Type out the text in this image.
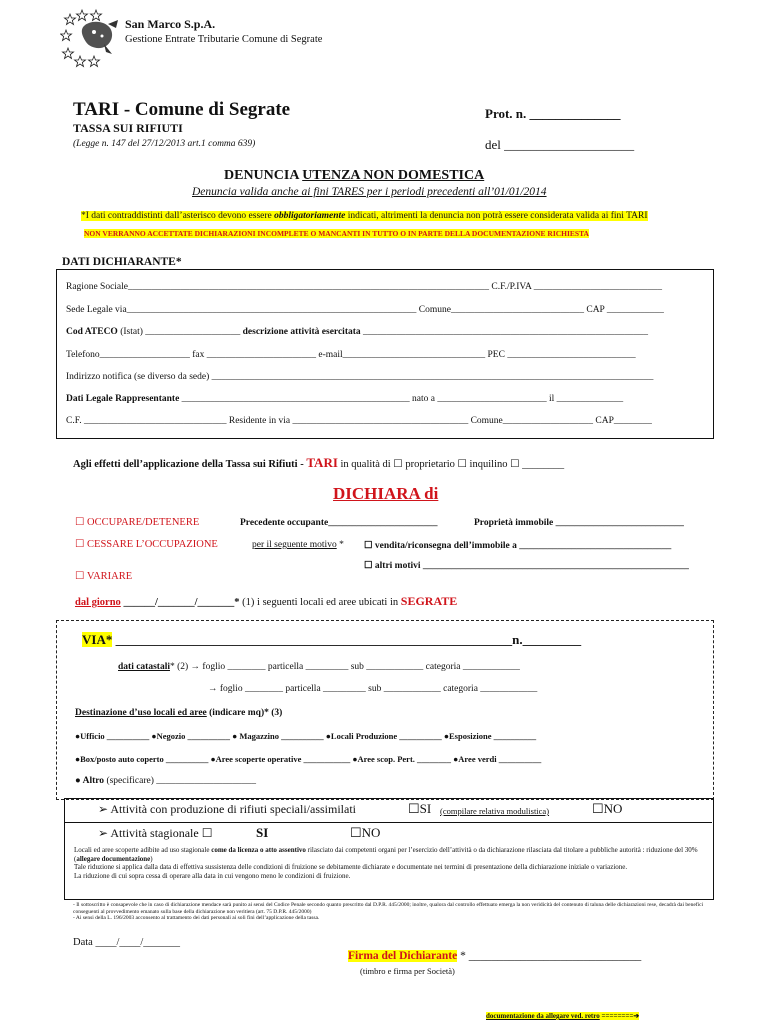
San Marco S.p.A.
Gestione Entrate Tributarie Comune di Segrate
TARI - Comune di Segrate
TASSA SUI RIFIUTI
(Legge n. 147 del 27/12/2013 art.1 comma 639)
Prot. n. ______________
del ____________________
DENUNCIA UTENZA NON DOMESTICA
Denuncia valida anche ai fini TARES per i periodi precedenti all’01/01/2014
*I dati contraddistinti dall’asterisco devono essere obbligatoriamente indicati, altrimenti la denuncia non potrà essere considerata valida ai fini TARI
NON VERRANNO ACCETTATE DICHIARAZIONI INCOMPLETE O MANCANTI IN TUTTO O IN PARTE DELLA DOCUMENTAZIONE RICHIESTA
DATI DICHIARANTE*
Ragione Sociale____________________________________________________________________________ C.F./P.IVA ___________________________
Sede Legale via_____________________________________________________________ Comune____________________________ CAP ____________
Cod ATECO (Istat) ____________________ descrizione attività esercitata ____________________________________________________________
Telefono___________________ fax _______________________ e-mail______________________________ PEC ___________________________
Indirizzo notifica (se diverso da sede) _____________________________________________________________________________________________
Dati Legale Rappresentante ________________________________________________ nato a _______________________ il ______________
C.F. ______________________________ Residente in via _____________________________________ Comune___________________ CAP________
Agli effetti dell’applicazione della Tassa sui Rifiuti - TARI in qualità di ☐ proprietario ☐ inquilino ☐ ________
DICHIARA di
☐ OCCUPARE/DETENERE	Precedente occupante_______________________	Proprietà immobile ___________________________
☐ CESSARE L’OCCUPAZIONE	per il seguente motivo * ☐ vendita/riconsegna dell’immobile a ________________________________
☐ altri motivi ________________________________________________________
☐ VARIARE
dal giorno ______/_______/_______* (1) i seguenti locali ed aree ubicati in SEGRATE
VIA* _____________________________________________________________n._________
dati catastali* (2) → foglio ________ particella _________ sub ____________ categoria ____________
→ foglio ________ particella _________ sub ____________ categoria ____________
Destinazione d’uso locali ed aree (indicare mq)* (3)
●Ufficio __________ ●Negozio __________ ● Magazzino __________ ●Locali Produzione __________ ●Esposizione __________
●Box/posto auto coperto __________ ●Aree scoperte operative ___________ ●Aree scop. Pert. ________ ●Aree verdi __________
● Altro (specificare) _____________________
➢ Attività con produzione di rifiuti speciali/assimilati	☐SI (compilare relativa modulistica)	☐NO
➢ Attività stagionale ☐	SI	☐NO
Locali ed aree scoperte adibite ad uso stagionale come da licenza o atto assentivo rilasciato dai competenti organi per l’esercizio dell’attività o da dichiarazione rilasciata dal titolare a pubbliche autorità : riduzione del 30% (allegare documentazione)
Tale riduzione si applica dalla data di effettiva sussistenza delle condizioni di fruizione se debitamente dichiarate e documentate nei termini di presentazione della dichiarazione iniziale o variazione.
La riduzione di cui sopra cessa di operare alla data in cui vengono meno le condizioni di fruizione.
- Il sottoscritto è consapevole che in caso di dichiarazione mendace sarà punito ai sensi del Codice Penale secondo quanto prescritto dal D.P.R. 445/2000; inoltre, qualora dal controllo effettuato emerga la non veridicità del contenuto di taluna delle dichiarazioni rese, decadrà dai benefici conseguenti al provvedimento emanato sulla base della dichiarazione non veritiera (art. 75 D.P.R. 445/2000)
- Ai sensi della L. 196/2003 acconsento al trattamento dei dati personali ai soli fini dell’applicazione della tassa.
Data ____/____/_______
Firma del Dichiarante * ______________________________
(timbro e firma per Società)
documentazione da allegare ved. retro ========➔
